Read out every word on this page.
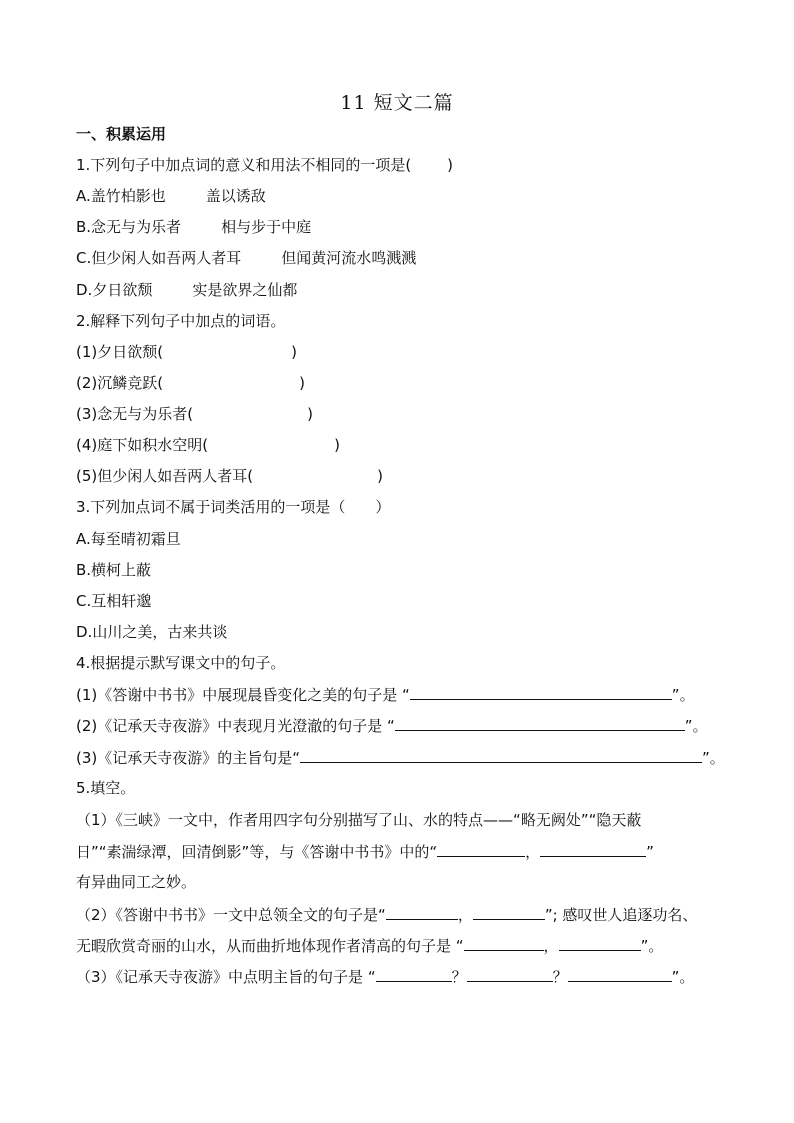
11 短文二篇
一、积累运用
1.下列句子中加点词的意义和用法不相同的一项是( )
A.盖竹柏影也	盖以诱敌
B.念无与为乐者	相与步于中庭
C.但少闲人如吾两人者耳	但闻黄河流水鸣溅溅
D.夕日欲颓	实是欲界之仙都
2.解释下列句子中加点的词语。
(1)夕日欲颓(	)
(2)沉鳞竞跃(	)
(3)念无与为乐者(	)
(4)庭下如积水空明(	)
(5)但少闲人如吾两人者耳(	)
3.下列加点词不属于词类活用的一项是（ ）
A.每至晴初霜旦
B.横柯上蔽
C.互相轩邈
D.山川之美，古来共谈
4.根据提示默写课文中的句子。
(1)《答谢中书书》中展现晨昏变化之美的句子是 “	”。
(2)《记承天寺夜游》中表现月光澄澈的句子是 “	”。
(3)《记承天寺夜游》的主旨句是“	”。
5.填空。
（1）《三峡》一文中，作者用四字句分别描写了山、水的特点——“略无阙处”“隐天蔽
日”“素湍绿潭，回清倒影”等，与《答谢中书书》中的“	，	”
有异曲同工之妙。
（2）《答谢中书书》一文中总领全文的句子是“	，	”; 感叹世人追逐功名、
无暇欣赏奇丽的山水，从而曲折地体现作者清高的句子是 “	，	”。
（3）《记承天寺夜游》中点明主旨的句子是 “	？	？	”。
